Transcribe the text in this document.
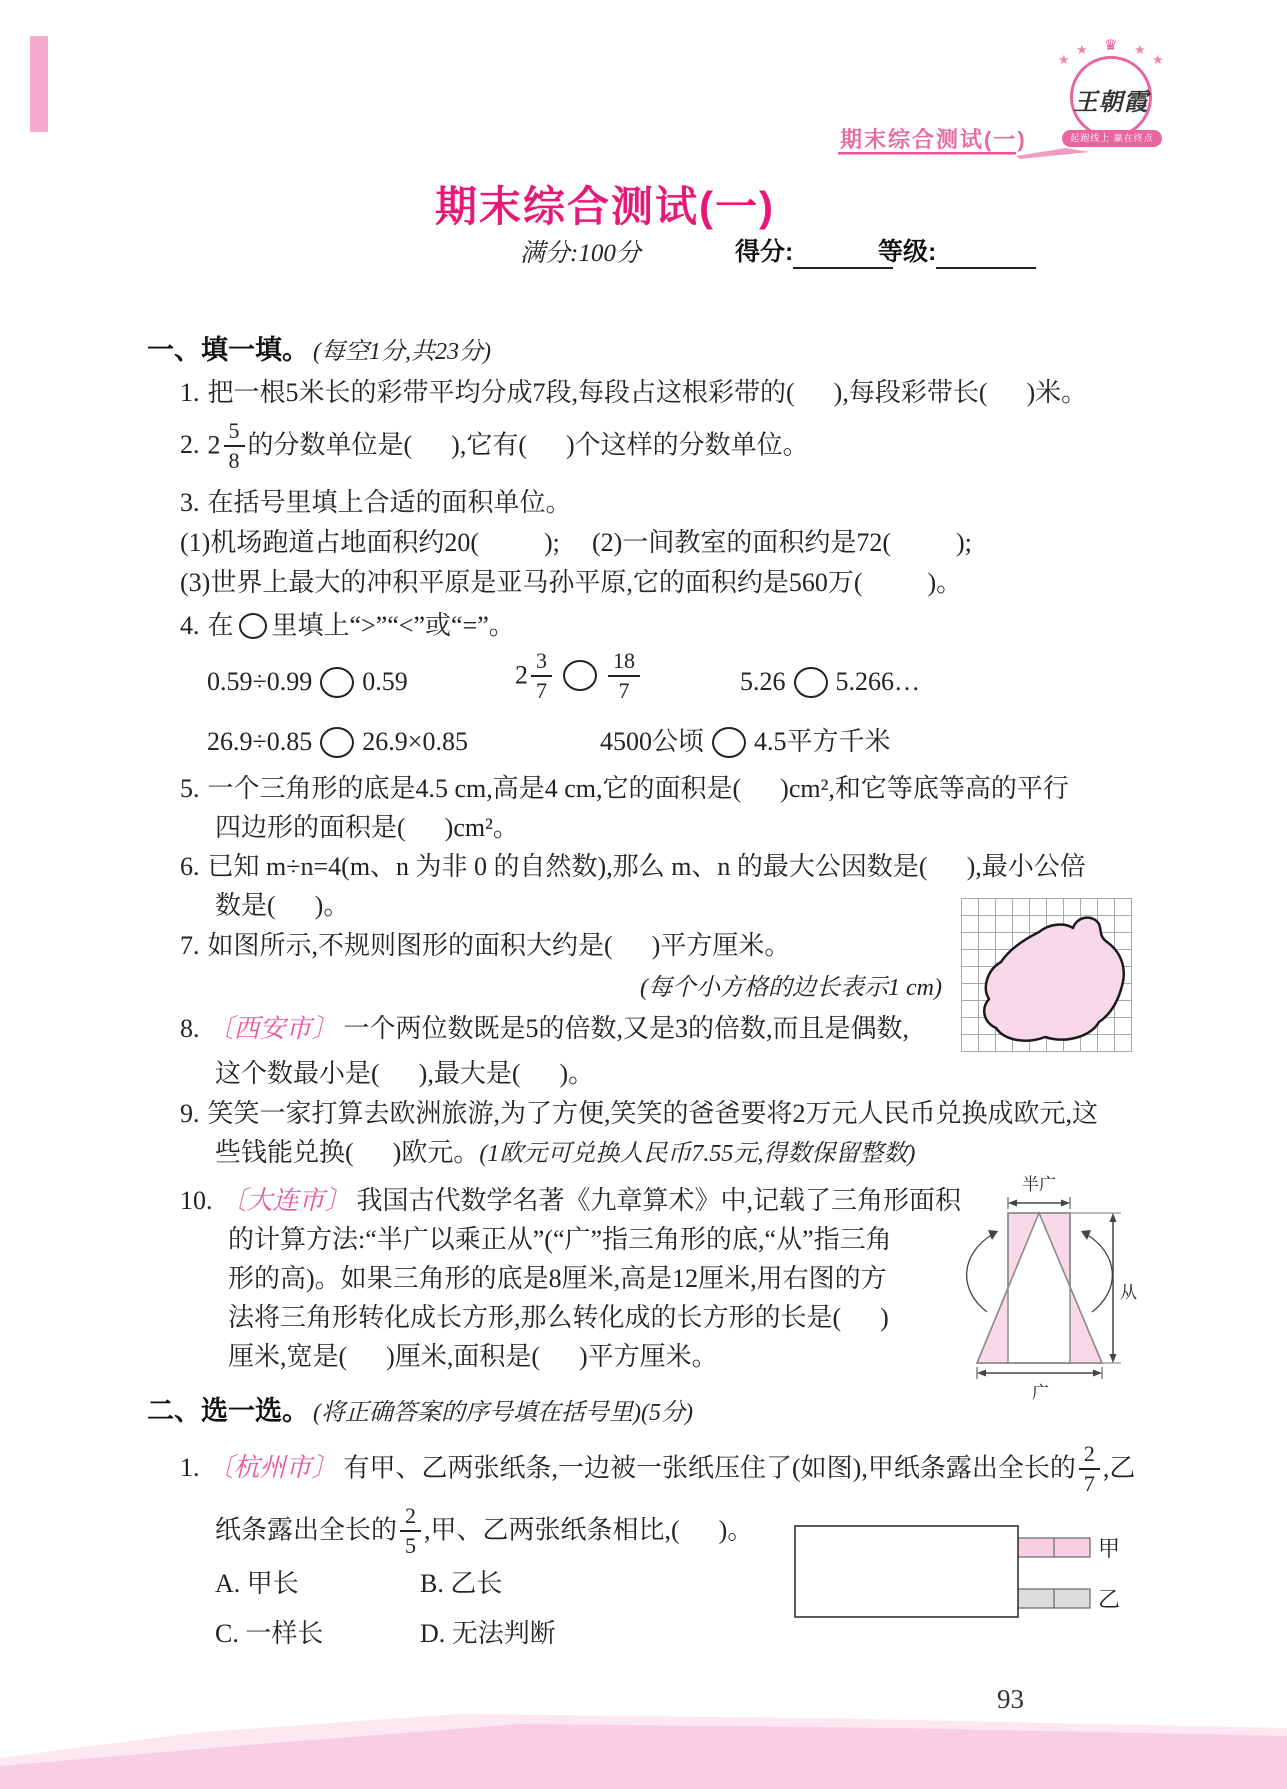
期末综合测试(一)
★
★	★
★
♛
王朝霞
起跑线上 赢在终点
期末综合测试(一)
满分:100分	得分:	等级:
一、填一填。 (每空1分,共23分)
1. 把一根5米长的彩带平均分成7段,每段占这根彩带的(      ),每段彩带长(      )米。
2. $2 \frac{5}{8}$ 的分数单位是(      ),它有(      )个这样的分数单位。
3. 在括号里填上合适的面积单位。
(1)机场跑道占地面积约20(          ); (2)一间教室的面积约是72(          );
(3)世界上最大的冲积平原是亚马孙平原,它的面积约是560万(          )。
4. 在 里填上“>”“<”或“=”。
0.59÷0.99 0.59	$2 \frac{3}{7}$	$\frac{18}{7}$	5.26 5.266…
26.9÷0.85 26.9×0.85	4500公顷 4.5平方千米
5. 一个三角形的底是4.5 cm,高是4 cm,它的面积是(      )cm²,和它等底等高的平行
四边形的面积是(      )cm²。
6. 已知 m÷n=4(m、n 为非 0 的自然数),那么 m、n 的最大公因数是(      ),最小公倍
数是(      )。
7. 如图所示,不规则图形的面积大约是(      )平方厘米。
(每个小方格的边长表示1 cm)
8. 〔西安市〕 一个两位数既是5的倍数,又是3的倍数,而且是偶数,
这个数最小是(      ),最大是(      )。
9. 笑笑一家打算去欧洲旅游,为了方便,笑笑的爸爸要将2万元人民币兑换成欧元,这
些钱能兑换(      )欧元。(1欧元可兑换人民币7.55元,得数保留整数)
10. 〔大连市〕 我国古代数学名著《九章算术》中,记载了三角形面积
的计算方法:“半广以乘正从”(“广”指三角形的底,“从”指三角
形的高)。如果三角形的底是8厘米,高是12厘米,用右图的方
法将三角形转化成长方形,那么转化成的长方形的长是(      )
厘米,宽是(      )厘米,面积是(      )平方厘米。
半广
从
广
二、选一选。 (将正确答案的序号填在括号里)(5分)
1. 〔杭州市〕 有甲、乙两张纸条,一边被一张纸压住了(如图),甲纸条露出全长的 $\frac{2}{7}$ ,乙
纸条露出全长的 $\frac{2}{5}$ ,甲、乙两张纸条相比,(      )。
A. 甲长	B. 乙长
C. 一样长	D. 无法判断
甲
乙
93
